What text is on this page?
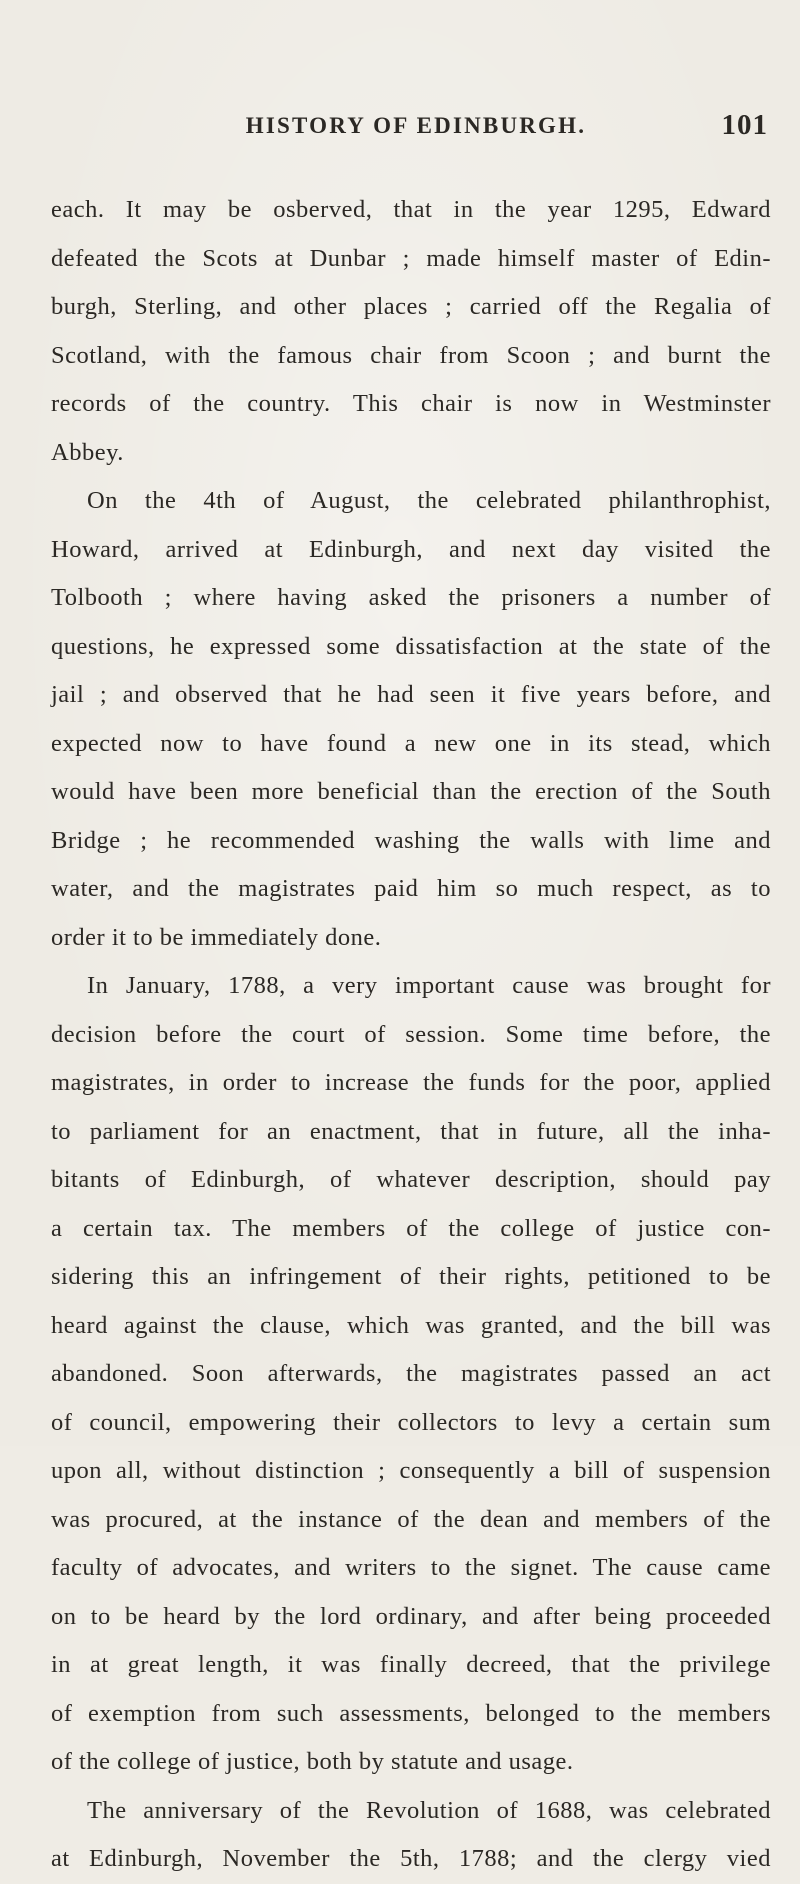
HISTORY OF EDINBURGH.	101

each. It may be osberved, that in the year 1295, Edward

defeated the Scots at Dunbar ; made himself master of Edin-

burgh, Sterling, and other places ; carried off the Regalia of

Scotland, with the famous chair from Scoon ; and burnt the

records of the country. This chair is now in Westminster

Abbey.

On the 4th of August, the celebrated philanthrophist,

Howard, arrived at Edinburgh, and next day visited the

Tolbooth ; where having asked the prisoners a number of

questions, he expressed some dissatisfaction at the state of the

jail ; and observed that he had seen it five years before, and

expected now to have found a new one in its stead, which

would have been more beneficial than the erection of the South

Bridge ; he recommended washing the walls with lime and

water, and the magistrates paid him so much respect, as to

order it to be immediately done.

In January, 1788, a very important cause was brought for

decision before the court of session. Some time before, the

magistrates, in order to increase the funds for the poor, applied

to parliament for an enactment, that in future, all the inha-

bitants of Edinburgh, of whatever description, should pay

a certain tax. The members of the college of justice con-

sidering this an infringement of their rights, petitioned to be

heard against the clause, which was granted, and the bill was

abandoned. Soon afterwards, the magistrates passed an act

of council, empowering their collectors to levy a certain sum

upon all, without distinction ; consequently a bill of suspension

was procured, at the instance of the dean and members of the

faculty of advocates, and writers to the signet. The cause came

on to be heard by the lord ordinary, and after being proceeded

in at great length, it was finally decreed, that the privilege

of exemption from such assessments, belonged to the members

of the college of justice, both by statute and usage.

The anniversary of the Revolution of 1688, was celebrated

at Edinburgh, November the 5th, 1788; and the clergy vied
